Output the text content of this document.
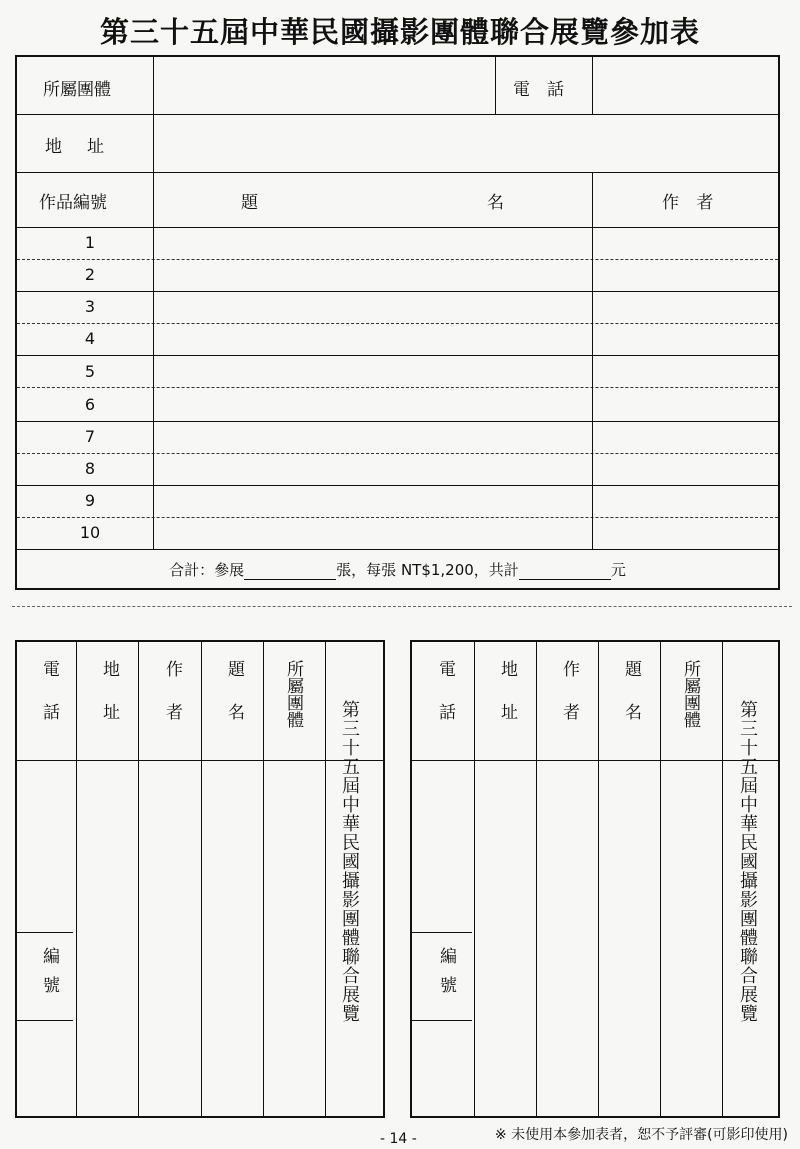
第三十五屆中華民國攝影團體聯合展覽參加表
所屬團體	電　話
地　址
作品編號	題	名	作 者
1
2
3
4
5
6
7
8
9
10
合計：參展	張，每張 NT$1,200，共計	元
電話 地址	作者 題名 所屬團體
第三十五屆中華民國攝影團體聯合展覽
編號
電話 地址 作者 題名 所屬團體
第三十五屆中華民國攝影團體聯合展覽
編號
- 14 -	※ 未使用本參加表者，恕不予評審(可影印使用)
